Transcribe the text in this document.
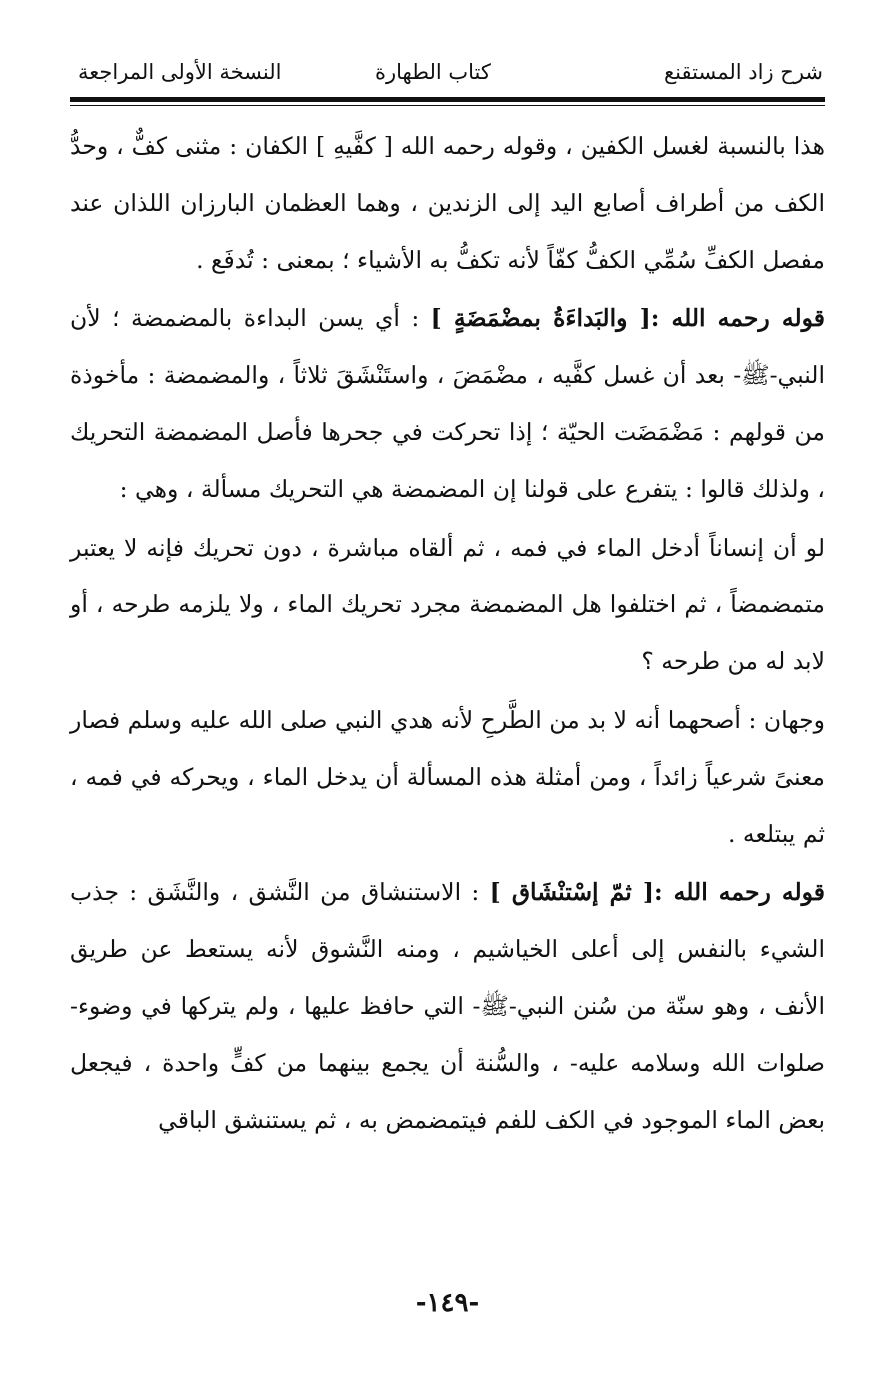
شرح زاد المستقنع
كتاب الطهارة
النسخة الأولى المراجعة

هذا بالنسبة لغسل الكفين ، وقوله رحمه الله [ كفَّيهِ ] الكفان : مثنى كفٌّ ، وحدُّ الكف من أطراف أصابع اليد إلى الزندين ، وهما العظمان البارزان اللذان عند مفصل الكفِّ سُمِّي الكفُّ كفّاً لأنه تكفُّ به الأشياء ؛ بمعنى : تُدفَع .

قوله رحمه الله :[ والبَداءَةُ بمضْمَضَةٍ ] : أي يسن البداءة بالمضمضة ؛ لأن النبي-ﷺ- بعد أن غسل كفَّيه ، مضْمَضَ ، واستَنْشَقَ ثلاثاً ، والمضمضة : مأخوذة من قولهم : مَضْمَضَت الحيّة ؛ إذا تحركت في جحرها فأصل المضمضة التحريك ، ولذلك قالوا : يتفرع على قولنا إن المضمضة هي التحريك مسألة ، وهي :

لو أن إنساناً أدخل الماء في فمه ، ثم ألقاه مباشرة ، دون تحريك فإنه لا يعتبر متمضمضاً ، ثم اختلفوا هل المضمضة مجرد تحريك الماء ، ولا يلزمه طرحه ، أو لابد له من طرحه ؟

وجهان : أصحهما أنه لا بد من الطَّرحِ لأنه هدي النبي صلى الله عليه وسلم فصار معنىً شرعياً زائداً ، ومن أمثلة هذه المسألة أن يدخل الماء ، ويحركه في فمه ، ثم يبتلعه .

قوله رحمه الله :[ ثمّ إسْتنْشَاق ] : الاستنشاق من النَّشق ، والنَّشَق : جذب الشيء بالنفس إلى أعلى الخياشيم ، ومنه النَّشوق لأنه يستعط عن طريق الأنف ، وهو سنّة من سُنن النبي-ﷺ- التي حافظ عليها ، ولم يتركها في وضوء-صلوات الله وسلامه عليه- ، والسُّنة أن يجمع بينهما من كفٍّ واحدة ، فيجعل بعض الماء الموجود في الكف للفم فيتمضمض به ، ثم يستنشق الباقي

-١٤٩-
